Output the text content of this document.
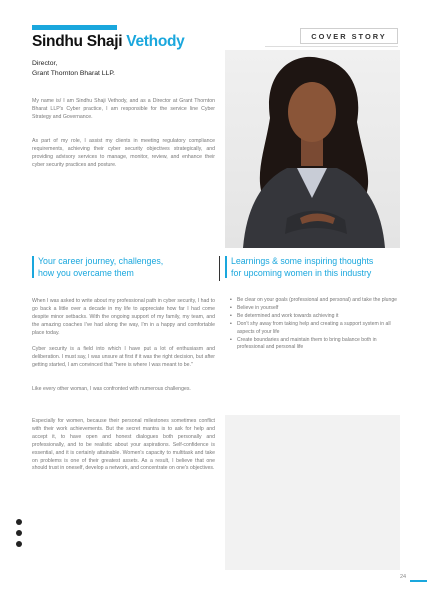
Sindhu Shaji Vethody
Director,
Grant Thornton Bharat LLP.
COVER STORY

My name is/ I am Sindhu Shaji Vethody, and as a Director at Grant Thornton Bharat LLP's Cyber practice, I am responsible for the service line Cyber Strategy and Governance.

As part of my role, I assist my clients in meeting regulatory compliance requirements, achieving their cyber security objectives strategically, and providing advisory services to manage, monitor, review, and enhance their cyber security practices and posture.

Your career journey, challenges,
how you overcame them
Learnings & some inspiring thoughts
for upcoming women in this industry

When I was asked to write about my professional path in cyber security, I had to go back a little over a decade in my life to appreciate how far I had come despite minor setbacks. With the ongoing support of my family, my team, and the amazing coaches I've had along the way, I'm in a happy and comfortable place today.

Cyber security is a field into which I have put a lot of enthusiasm and deliberation. I must say, I was unsure at first if it was the right decision, but after getting started, I am convinced that "here is where I was meant to be."

Like every other woman, I was confronted with numerous challenges.

Especially for women, because their personal milestones sometimes conflict with their work achievements. But the secret mantra is to ask for help and accept it, to have open and honest dialogues both personally and professionally, and to be realistic about your aspirations. Self-confidence is essential, and it is certainly attainable. Women's capacity to multitask and take on problems is one of their greatest assets. As a result, I believe that one should trust in oneself, develop a network, and concentrate on one's objectives.

• Be clear on your goals (professional and personal) and take the plunge
• Believe in yourself
• Be determined and work towards achieving it
• Don't shy away from taking help and creating a support system in all aspects of your life
• Create boundaries and maintain them to bring balance both in professional and personal life
24
